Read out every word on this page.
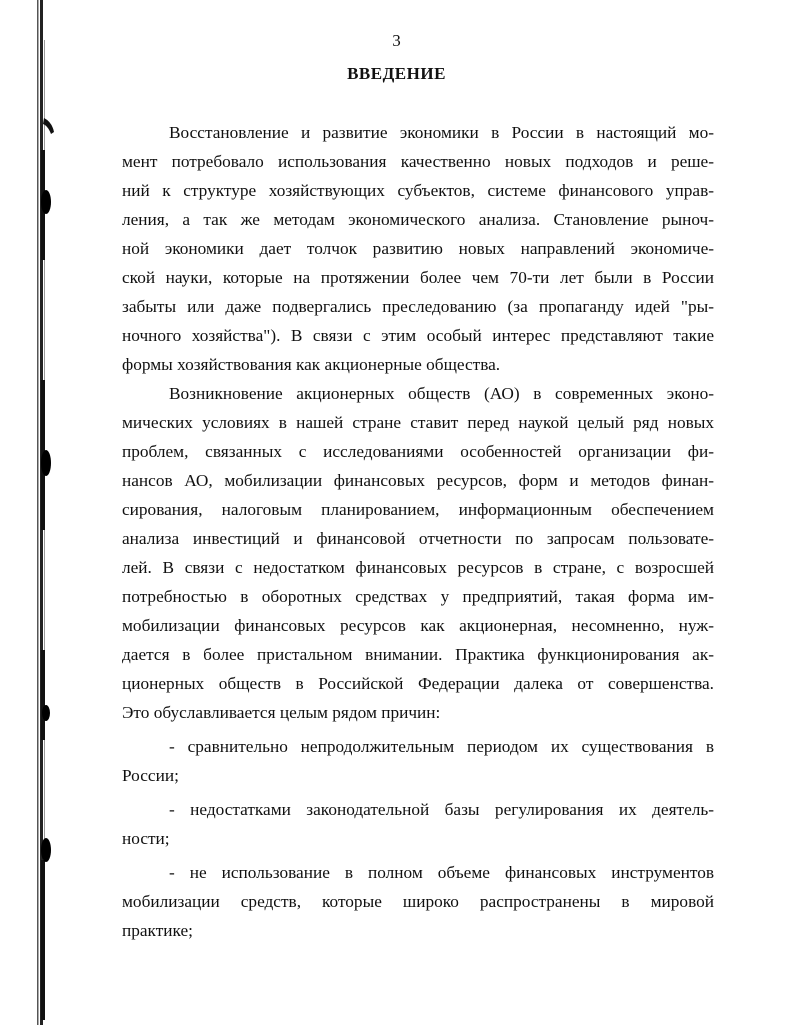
3
ВВЕДЕНИЕ
Восстановление и развитие экономики в России в настоящий мо-
мент потребовало использования качественно новых подходов и реше-
ний к структуре хозяйствующих субъектов, системе финансового управ-
ления, а так же методам экономического анализа. Становление рыноч-
ной экономики дает толчок развитию новых направлений экономиче-
ской науки, которые на протяжении более чем 70-ти лет были в России
забыты или даже подвергались преследованию (за пропаганду идей "ры-
ночного хозяйства"). В связи с этим особый интерес представляют такие
формы хозяйствования как акционерные общества.
Возникновение акционерных обществ (АО) в современных эконо-
мических условиях в нашей стране ставит перед наукой целый ряд новых
проблем, связанных с исследованиями особенностей организации фи-
нансов АО, мобилизации финансовых ресурсов, форм и методов финан-
сирования, налоговым планированием, информационным обеспечением
анализа инвестиций и финансовой отчетности по запросам пользовате-
лей. В связи с недостатком финансовых ресурсов в стране, с возросшей
потребностью в оборотных средствах у предприятий, такая форма им-
мобилизации финансовых ресурсов как акционерная, несомненно, нуж-
дается в более пристальном внимании. Практика функционирования ак-
ционерных обществ в Российской Федерации далека от совершенства.
Это обуславливается целым рядом причин:
- сравнительно непродолжительным периодом их существования в
России;
- недостатками законодательной базы регулирования их деятель-
ности;
- не использование в полном объеме финансовых инструментов
мобилизации средств, которые широко распространены в мировой
практике;
